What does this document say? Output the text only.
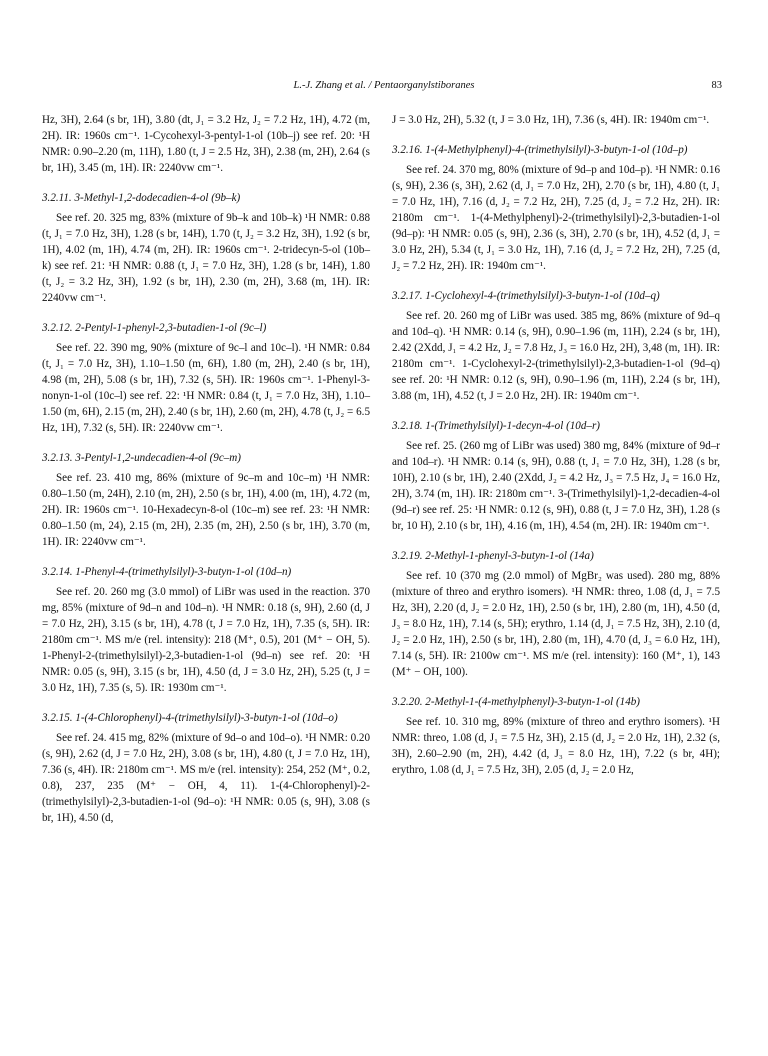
L.-J. Zhang et al. / Pentaorganylstiboranes	83

Hz, 3H), 2.64 (s br, 1H), 3.80 (dt, J₁ = 3.2 Hz, J₂ = 7.2 Hz, 1H), 4.72 (m, 2H). IR: 1960s cm⁻¹. 1-Cycohexyl-3-pentyl-1-ol (10b–j) see ref. 20: ¹H NMR: 0.90–2.20 (m, 11H), 1.80 (t, J = 2.5 Hz, 3H), 2.38 (m, 2H), 2.64 (s br, 1H), 3.45 (m, 1H). IR: 2240vw cm⁻¹.

3.2.11. 3-Methyl-1,2-dodecadien-4-ol (9b–k)

See ref. 20. 325 mg, 83% (mixture of 9b–k and 10b–k) ¹H NMR: 0.88 (t, J₁ = 7.0 Hz, 3H), 1.28 (s br, 14H), 1.70 (t, J₂ = 3.2 Hz, 3H), 1.92 (s br, 1H), 4.02 (m, 1H), 4.74 (m, 2H). IR: 1960s cm⁻¹. 2-tridecyn-5-ol (10b–k) see ref. 21: ¹H NMR: 0.88 (t, J₁ = 7.0 Hz, 3H), 1.28 (s br, 14H), 1.80 (t, J₂ = 3.2 Hz, 3H), 1.92 (s br, 1H), 2.30 (m, 2H), 3.68 (m, 1H). IR: 2240vw cm⁻¹.

3.2.12. 2-Pentyl-1-phenyl-2,3-butadien-1-ol (9c–l)

See ref. 22. 390 mg, 90% (mixture of 9c–l and 10c–l). ¹H NMR: 0.84 (t, J₁ = 7.0 Hz, 3H), 1.10–1.50 (m, 6H), 1.80 (m, 2H), 2.40 (s br, 1H), 4.98 (m, 2H), 5.08 (s br, 1H), 7.32 (s, 5H). IR: 1960s cm⁻¹. 1-Phenyl-3-nonyn-1-ol (10c–l) see ref. 22: ¹H NMR: 0.84 (t, J₁ = 7.0 Hz, 3H), 1.10–1.50 (m, 6H), 2.15 (m, 2H), 2.40 (s br, 1H), 2.60 (m, 2H), 4.78 (t, J₂ = 6.5 Hz, 1H), 7.32 (s, 5H). IR: 2240vw cm⁻¹.

3.2.13. 3-Pentyl-1,2-undecadien-4-ol (9c–m)

See ref. 23. 410 mg, 86% (mixture of 9c–m and 10c–m) ¹H NMR: 0.80–1.50 (m, 24H), 2.10 (m, 2H), 2.50 (s br, 1H), 4.00 (m, 1H), 4.72 (m, 2H). IR: 1960s cm⁻¹. 10-Hexadecyn-8-ol (10c–m) see ref. 23: ¹H NMR: 0.80–1.50 (m, 24), 2.15 (m, 2H), 2.35 (m, 2H), 2.50 (s br, 1H), 3.70 (m, 1H). IR: 2240vw cm⁻¹.

3.2.14. 1-Phenyl-4-(trimethylsilyl)-3-butyn-1-ol (10d–n)

See ref. 20. 260 mg (3.0 mmol) of LiBr was used in the reaction. 370 mg, 85% (mixture of 9d–n and 10d–n). ¹H NMR: 0.18 (s, 9H), 2.60 (d, J = 7.0 Hz, 2H), 3.15 (s br, 1H), 4.78 (t, J = 7.0 Hz, 1H), 7.35 (s, 5H). IR: 2180m cm⁻¹. MS m/e (rel. intensity): 218 (M⁺, 0.5), 201 (M⁺ − OH, 5). 1-Phenyl-2-(trimethylsilyl)-2,3-butadien-1-ol (9d–n) see ref. 20: ¹H NMR: 0.05 (s, 9H), 3.15 (s br, 1H), 4.50 (d, J = 3.0 Hz, 2H), 5.25 (t, J = 3.0 Hz, 1H), 7.35 (s, 5). IR: 1930m cm⁻¹.

3.2.15. 1-(4-Chlorophenyl)-4-(trimethylsilyl)-3-butyn-1-ol (10d–o)

See ref. 24. 415 mg, 82% (mixture of 9d–o and 10d–o). ¹H NMR: 0.20 (s, 9H), 2.62 (d, J = 7.0 Hz, 2H), 3.08 (s br, 1H), 4.80 (t, J = 7.0 Hz, 1H), 7.36 (s, 4H). IR: 2180m cm⁻¹. MS m/e (rel. intensity): 254, 252 (M⁺, 0.2, 0.8), 237, 235 (M⁺ − OH, 4, 11). 1-(4-Chlorophenyl)-2-(trimethylsilyl)-2,3-butadien-1-ol (9d–o): ¹H NMR: 0.05 (s, 9H), 3.08 (s br, 1H), 4.50 (d,

J = 3.0 Hz, 2H), 5.32 (t, J = 3.0 Hz, 1H), 7.36 (s, 4H). IR: 1940m cm⁻¹.

3.2.16. 1-(4-Methylphenyl)-4-(trimethylsilyl)-3-butyn-1-ol (10d–p)

See ref. 24. 370 mg, 80% (mixture of 9d–p and 10d–p). ¹H NMR: 0.16 (s, 9H), 2.36 (s, 3H), 2.62 (d, J₁ = 7.0 Hz, 2H), 2.70 (s br, 1H), 4.80 (t, J₁ = 7.0 Hz, 1H), 7.16 (d, J₂ = 7.2 Hz, 2H), 7.25 (d, J₂ = 7.2 Hz, 2H). IR: 2180m cm⁻¹. 1-(4-Methylphenyl)-2-(trimethylsilyl)-2,3-butadien-1-ol (9d–p): ¹H NMR: 0.05 (s, 9H), 2.36 (s, 3H), 2.70 (s br, 1H), 4.52 (d, J₁ = 3.0 Hz, 2H), 5.34 (t, J₁ = 3.0 Hz, 1H), 7.16 (d, J₂ = 7.2 Hz, 2H), 7.25 (d, J₂ = 7.2 Hz, 2H). IR: 1940m cm⁻¹.

3.2.17. 1-Cyclohexyl-4-(trimethylsilyl)-3-butyn-1-ol (10d–q)

See ref. 20. 260 mg of LiBr was used. 385 mg, 86% (mixture of 9d–q and 10d–q). ¹H NMR: 0.14 (s, 9H), 0.90–1.96 (m, 11H), 2.24 (s br, 1H), 2.42 (2Xdd, J₁ = 4.2 Hz, J₂ = 7.8 Hz, J₃ = 16.0 Hz, 2H), 3,48 (m, 1H). IR: 2180m cm⁻¹. 1-Cyclohexyl-2-(trimethylsilyl)-2,3-butadien-1-ol (9d–q) see ref. 20: ¹H NMR: 0.12 (s, 9H), 0.90–1.96 (m, 11H), 2.24 (s br, 1H), 3.88 (m, 1H), 4.52 (t, J = 2.0 Hz, 2H). IR: 1940m cm⁻¹.

3.2.18. 1-(Trimethylsilyl)-1-decyn-4-ol (10d–r)

See ref. 25. (260 mg of LiBr was used) 380 mg, 84% (mixture of 9d–r and 10d–r). ¹H NMR: 0.14 (s, 9H), 0.88 (t, J₁ = 7.0 Hz, 3H), 1.28 (s br, 10H), 2.10 (s br, 1H), 2.40 (2Xdd, J₂ = 4.2 Hz, J₃ = 7.5 Hz, J₄ = 16.0 Hz, 2H), 3.74 (m, 1H). IR: 2180m cm⁻¹. 3-(Trimethylsilyl)-1,2-decadien-4-ol (9d–r) see ref. 25: ¹H NMR: 0.12 (s, 9H), 0.88 (t, J = 7.0 Hz, 3H), 1.28 (s br, 10 H), 2.10 (s br, 1H), 4.16 (m, 1H), 4.54 (m, 2H). IR: 1940m cm⁻¹.

3.2.19. 2-Methyl-1-phenyl-3-butyn-1-ol (14a)

See ref. 10 (370 mg (2.0 mmol) of MgBr₂ was used). 280 mg, 88% (mixture of threo and erythro isomers). ¹H NMR: threo, 1.08 (d, J₁ = 7.5 Hz, 3H), 2.20 (d, J₂ = 2.0 Hz, 1H), 2.50 (s br, 1H), 2.80 (m, 1H), 4.50 (d, J₃ = 8.0 Hz, 1H), 7.14 (s, 5H); erythro, 1.14 (d, J₁ = 7.5 Hz, 3H), 2.10 (d, J₂ = 2.0 Hz, 1H), 2.50 (s br, 1H), 2.80 (m, 1H), 4.70 (d, J₃ = 6.0 Hz, 1H), 7.14 (s, 5H). IR: 2100w cm⁻¹. MS m/e (rel. intensity): 160 (M⁺, 1), 143 (M⁺ − OH, 100).

3.2.20. 2-Methyl-1-(4-methylphenyl)-3-butyn-1-ol (14b)

See ref. 10. 310 mg, 89% (mixture of threo and erythro isomers). ¹H NMR: threo, 1.08 (d, J₁ = 7.5 Hz, 3H), 2.15 (d, J₂ = 2.0 Hz, 1H), 2.32 (s, 3H), 2.60–2.90 (m, 2H), 4.42 (d, J₃ = 8.0 Hz, 1H), 7.22 (s br, 4H); erythro, 1.08 (d, J₁ = 7.5 Hz, 3H), 2.05 (d, J₂ = 2.0 Hz,
